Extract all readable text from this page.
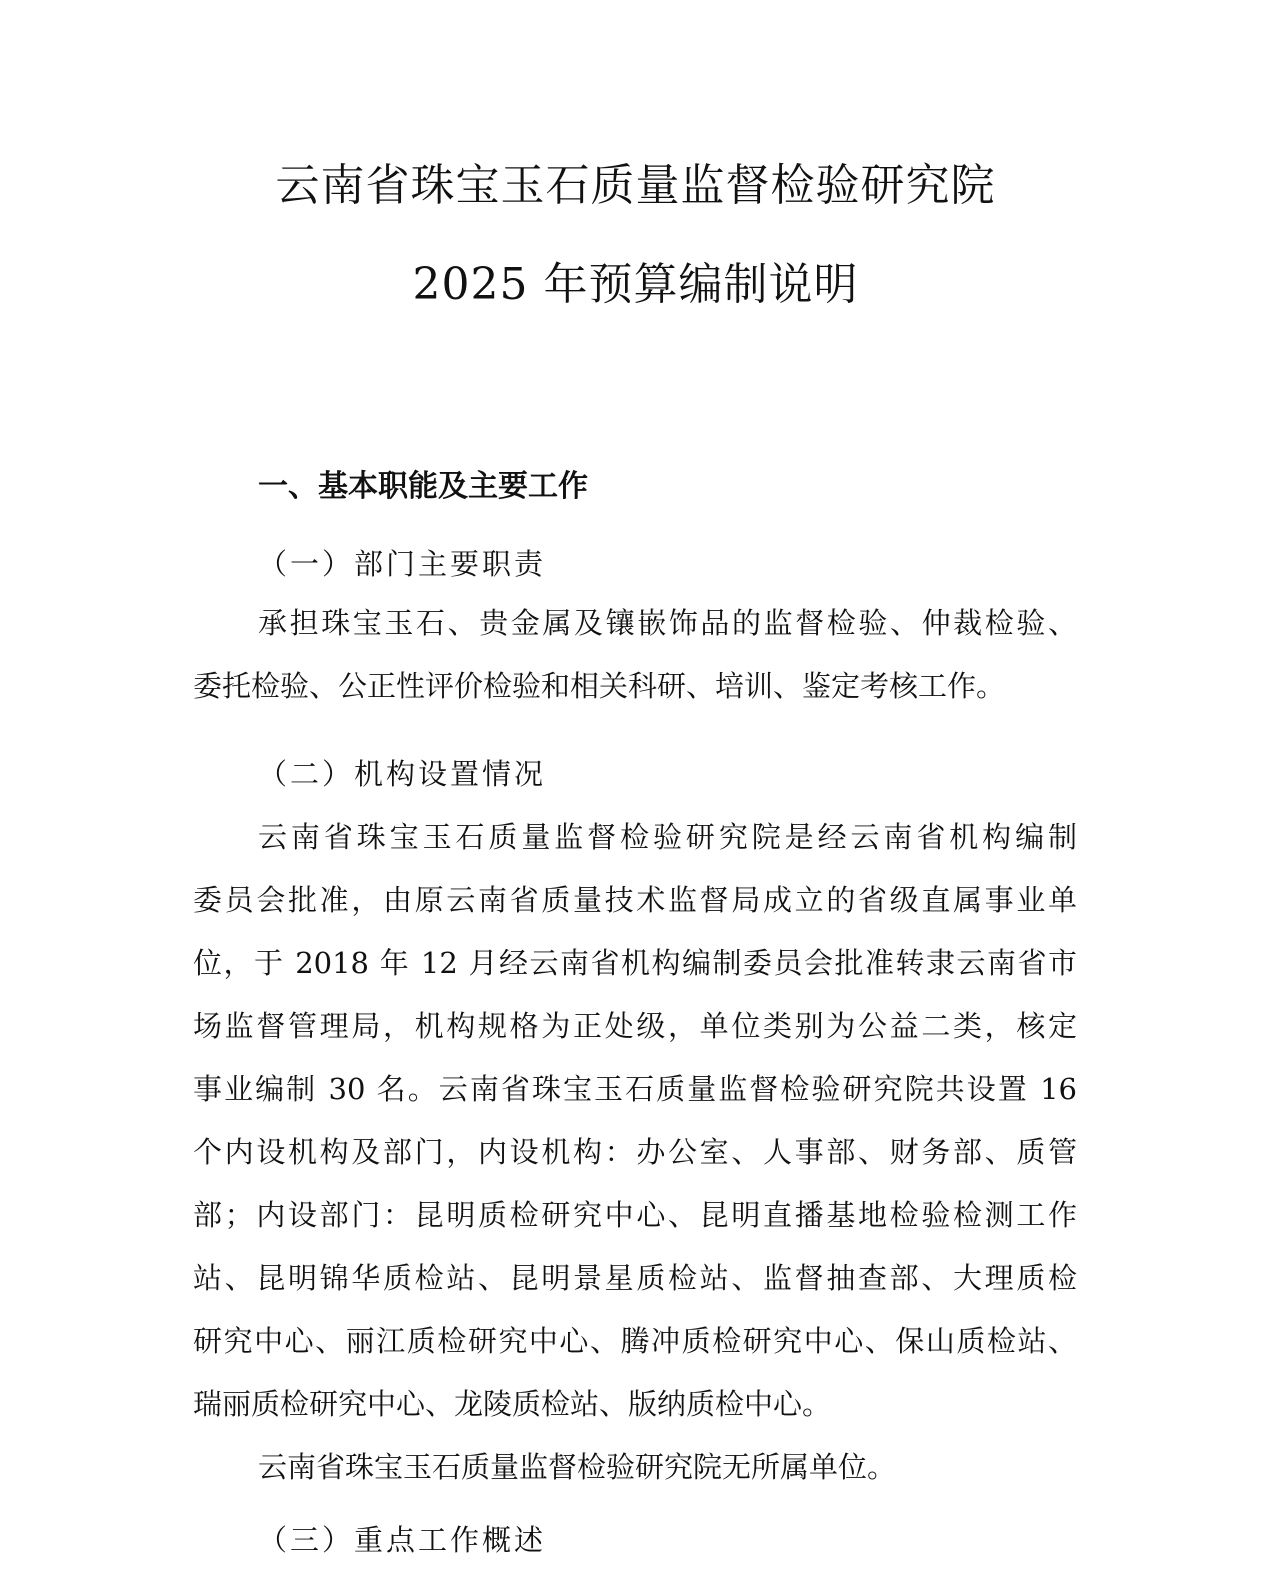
云南省珠宝玉石质量监督检验研究院
2025 年预算编制说明
一、基本职能及主要工作
（一）部门主要职责
承担珠宝玉石、贵金属及镶嵌饰品的监督检验、仲裁检验、
委托检验、公正性评价检验和相关科研、培训、鉴定考核工作。
（二）机构设置情况
云南省珠宝玉石质量监督检验研究院是经云南省机构编制
委员会批准，由原云南省质量技术监督局成立的省级直属事业单
位，于 2018 年 12 月经云南省机构编制委员会批准转隶云南省市
场监督管理局，机构规格为正处级，单位类别为公益二类，核定
事业编制 30 名。云南省珠宝玉石质量监督检验研究院共设置 16
个内设机构及部门，内设机构：办公室、人事部、财务部、质管
部；内设部门：昆明质检研究中心、昆明直播基地检验检测工作
站、昆明锦华质检站、昆明景星质检站、监督抽查部、大理质检
研究中心、丽江质检研究中心、腾冲质检研究中心、保山质检站、
瑞丽质检研究中心、龙陵质检站、版纳质检中心。
云南省珠宝玉石质量监督检验研究院无所属单位。
（三）重点工作概述
